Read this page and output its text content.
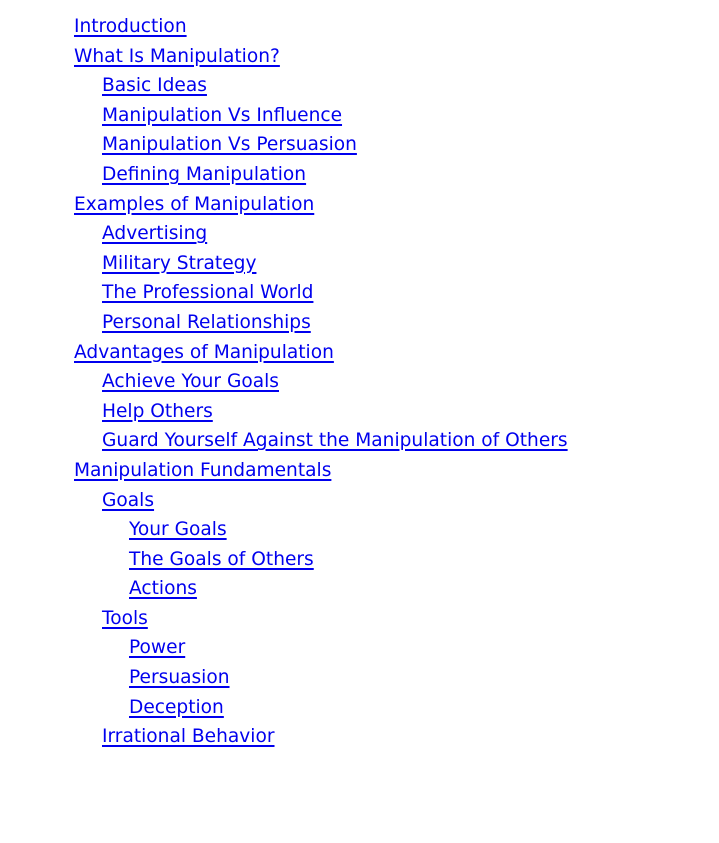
Introduction
What Is Manipulation?
Basic Ideas
Manipulation Vs Influence
Manipulation Vs Persuasion
Defining Manipulation
Examples of Manipulation
Advertising
Military Strategy
The Professional World
Personal Relationships
Advantages of Manipulation
Achieve Your Goals
Help Others
Guard Yourself Against the Manipulation of Others
Manipulation Fundamentals
Goals
Your Goals
The Goals of Others
Actions
Tools
Power
Persuasion
Deception
Irrational Behavior
